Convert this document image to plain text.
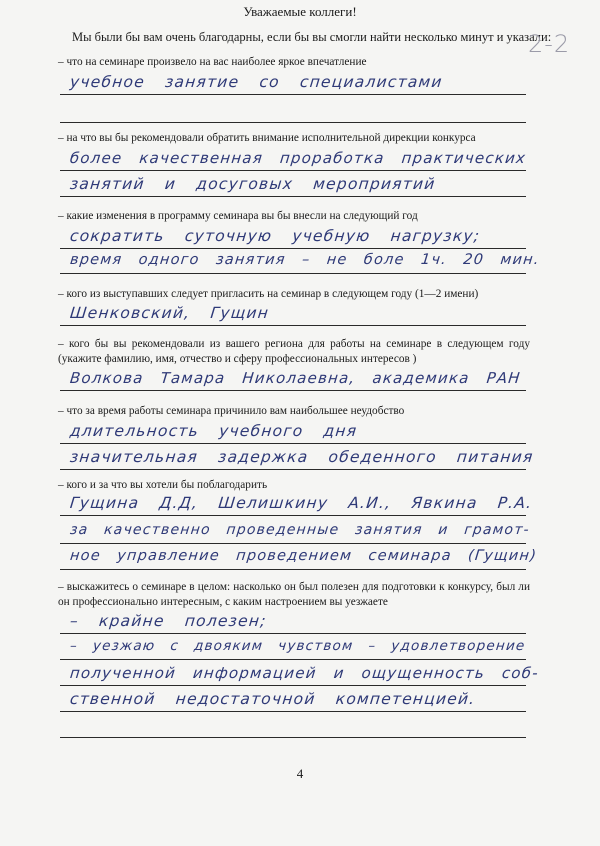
Уважаемые коллеги!
Мы были бы вам очень благодарны, если бы вы смогли найти несколько минут и указали:
2-2
– что на семинаре произвело на вас наиболее яркое впечатление
учебное занятие со специалистами
– на что вы бы рекомендовали обратить внимание исполнительной дирекции конкурса
более качественная проработка практических
занятий и досуговых мероприятий
– какие изменения в программу семинара вы бы внесли на следующий год
сократить суточную учебную нагрузку;
время одного занятия – не боле 1ч. 20 мин.
– кого из выступавших следует пригласить на семинар в следующем году (1—2 имени)
Шенковский, Гущин
– кого бы вы рекомендовали из вашего региона для работы на семинаре в следующем году (укажите фамилию, имя, отчество и сферу профессиональных интересов )
Волкова Тамара Николаевна, академика РАН
– что за время работы семинара причинило вам наибольшее неудобство
длительность учебного дня
значительная задержка обеденного питания
– кого и за что вы хотели бы поблагодарить
Гущина Д.Д, Шелишкину А.И., Явкина Р.А.
за качественно проведенные занятия и грамот-
ное управление проведением семинара (Гущин)
– выскажитесь о семинаре в целом: насколько он был полезен для подготовки к конкурсу, был ли он профессионально интересным, с каким настроением вы уезжаете
– крайне полезен;
– уезжаю с двояким чувством – удовлетворение
полученной информацией и ощущенность соб-
ственной недостаточной компетенцией.
4
